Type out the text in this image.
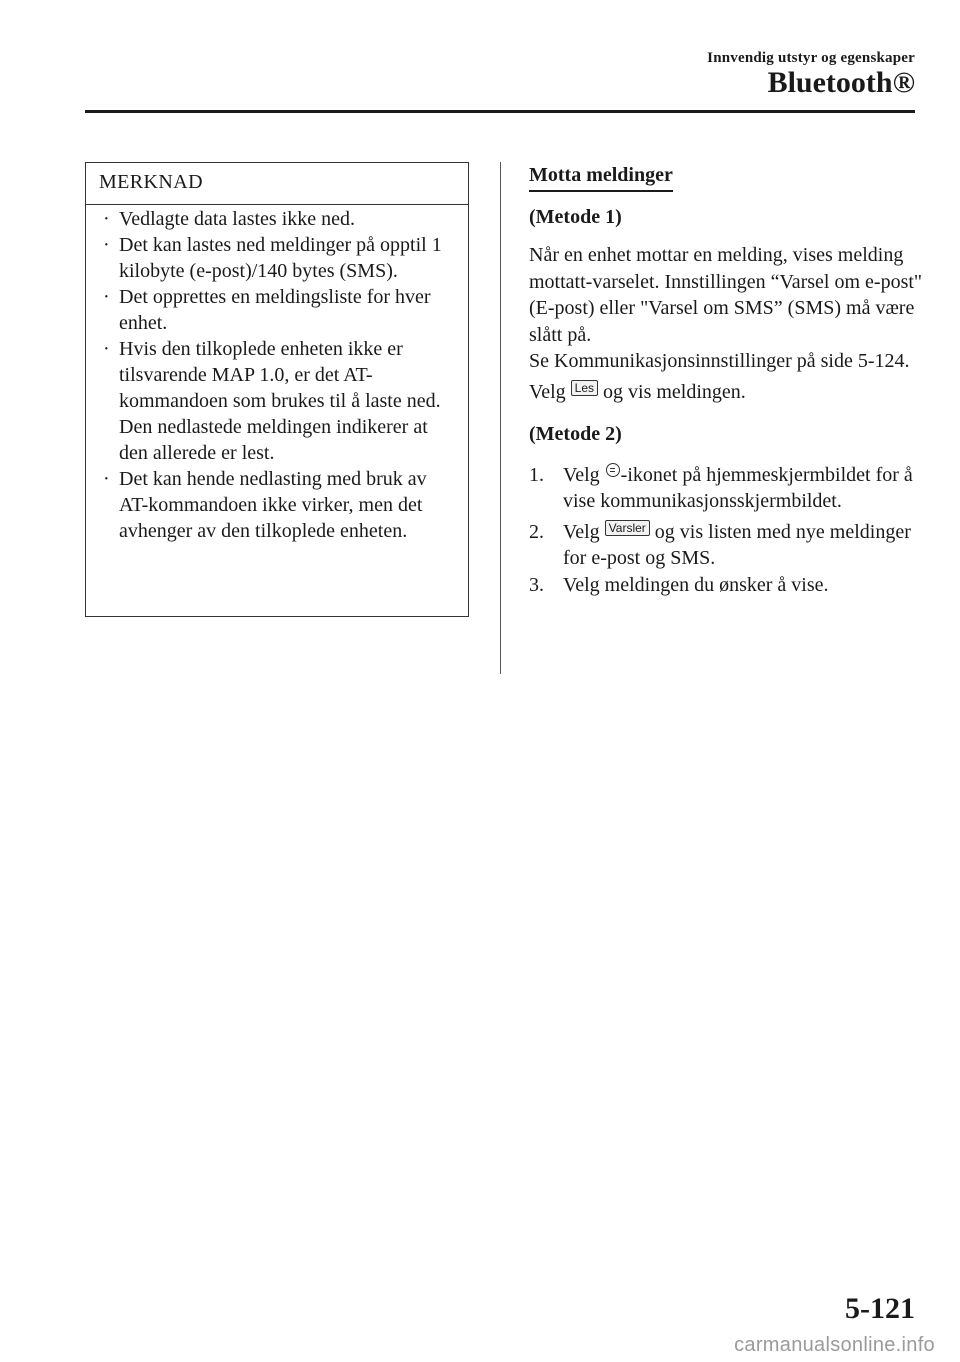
Innvendig utstyr og egenskaper
Bluetooth®
MERKNAD
· Vedlagte data lastes ikke ned.
· Det kan lastes ned meldinger på opptil 1 kilobyte (e-post)/140 bytes (SMS).
· Det opprettes en meldingsliste for hver enhet.
· Hvis den tilkoplede enheten ikke er tilsvarende MAP 1.0, er det AT-kommandoen som brukes til å laste ned. Den nedlastede meldingen indikerer at den allerede er lest.
· Det kan hende nedlasting med bruk av AT-kommandoen ikke virker, men det avhenger av den tilkoplede enheten.
Motta meldinger

(Metode 1)

Når en enhet mottar en melding, vises melding mottatt-varselet. Innstillingen “Varsel om e-post" (E-post) eller "Varsel om SMS” (SMS) må være slått på.

Se Kommunikasjonsinnstillinger på side 5-124.

Velg Les og vis meldingen.

(Metode 2)

1. Velg -ikonet på hjemmeskjermbildet for å vise kommunikasjonsskjermbildet.
2. Velg Varsler og vis listen med nye meldinger for e-post og SMS.
3. Velg meldingen du ønsker å vise.
5-121
carmanualsonline.info
